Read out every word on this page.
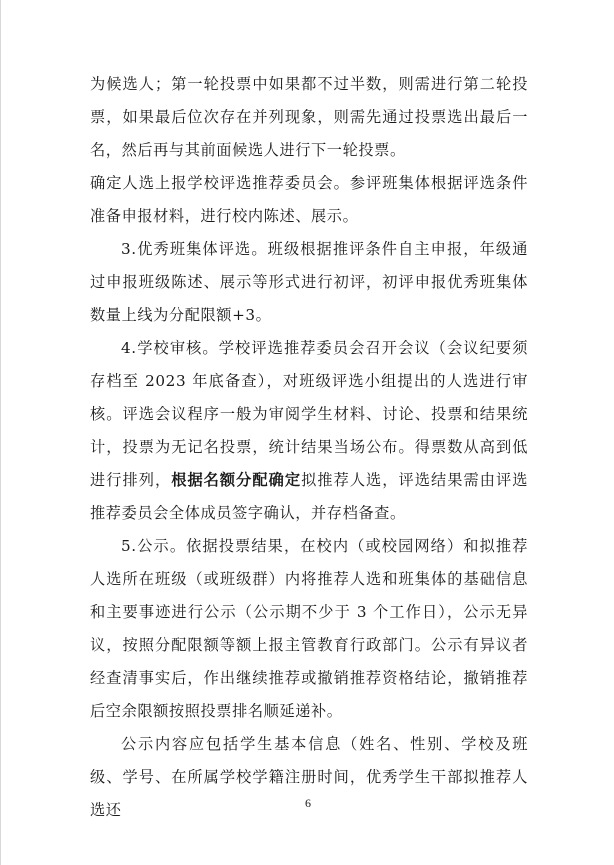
为候选人；第一轮投票中如果都不过半数，则需进行第二轮投票，如果最后位次存在并列现象，则需先通过投票选出最后一名，然后再与其前面候选人进行下一轮投票。

确定人选上报学校评选推荐委员会。参评班集体根据评选条件准备申报材料，进行校内陈述、展示。

3.优秀班集体评选。班级根据推评条件自主申报，年级通过申报班级陈述、展示等形式进行初评，初评申报优秀班集体数量上线为分配限额+3。

4.学校审核。学校评选推荐委员会召开会议（会议纪要须存档至 2023 年底备查），对班级评选小组提出的人选进行审核。评选会议程序一般为审阅学生材料、讨论、投票和结果统计，投票为无记名投票，统计结果当场公布。得票数从高到低进行排列，根据名额分配确定拟推荐人选，评选结果需由评选推荐委员会全体成员签字确认，并存档备查。

5.公示。依据投票结果，在校内（或校园网络）和拟推荐人选所在班级（或班级群）内将推荐人选和班集体的基础信息和主要事迹进行公示（公示期不少于 3 个工作日），公示无异议，按照分配限额等额上报主管教育行政部门。公示有异议者经查清事实后，作出继续推荐或撤销推荐资格结论，撤销推荐后空余限额按照投票排名顺延递补。

公示内容应包括学生基本信息（姓名、性别、学校及班级、学号、在所属学校学籍注册时间，优秀学生干部拟推荐人选还	6
